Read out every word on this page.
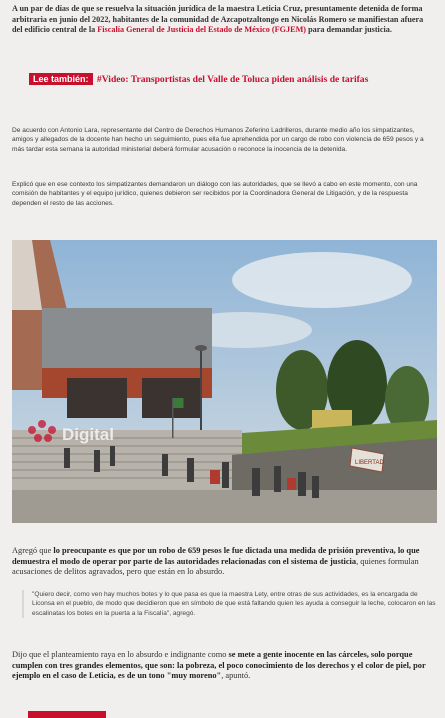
A un par de días de que se resuelva la situación jurídica de la maestra Leticia Cruz, presuntamente detenida de forma arbitraria en junio del 2022, habitantes de la comunidad de Azcapotzaltongo en Nicolás Romero se manifiestan afuera del edificio central de la Fiscalía General de Justicia del Estado de México (FGJEM) para demandar justicia.
Lee también: #Video: Transportistas del Valle de Toluca piden análisis de tarifas

De acuerdo con Antonio Lara, representante del Centro de Derechos Humanos Zeferino Ladrilleros, durante medio año los simpatizantes, amigos y allegados de la docente han hecho un seguimiento, pues ella fue aprehendida por un cargo de robo con violencia de 659 pesos y a más tardar esta semana la autoridad ministerial deberá formular acusación o reconoce la inocencia de la detenida.

Explicó que en ese contexto los simpatizantes demandaron un diálogo con las autoridades, que se llevó a cabo en este momento, con una comisión de habitantes y el equipo jurídico, quienes debieron ser recibidos por la Coordinadora General de Litigación, y de la respuesta dependen el resto de las acciones.

LIBERTAD
Digital

Agregó que lo preocupante es que por un robo de 659 pesos le fue dictada una medida de prisión preventiva, lo que demuestra el modo de operar por parte de las autoridades relacionadas con el sistema de justicia, quienes formulan acusaciones de delitos agravados, pero que están en lo absurdo.

"Quiero decir, como ven hay muchos botes y lo que pasa es que la maestra Lety, entre otras de sus actividades, es la encargada de Liconsa en el pueblo, de modo que decidieron que en símbolo de que está faltando quien les ayuda a conseguir la leche, colocaron en las escalinatas los botes en la puerta a la Fiscalía", agregó.

Dijo que el planteamiento raya en lo absurdo e indignante como se mete a gente inocente en las cárceles, solo porque cumplen con tres grandes elementos, que son: la pobreza, el poco conocimiento de los derechos y el color de piel, por ejemplo en el caso de Leticia, es de un tono "muy moreno", apuntó.
